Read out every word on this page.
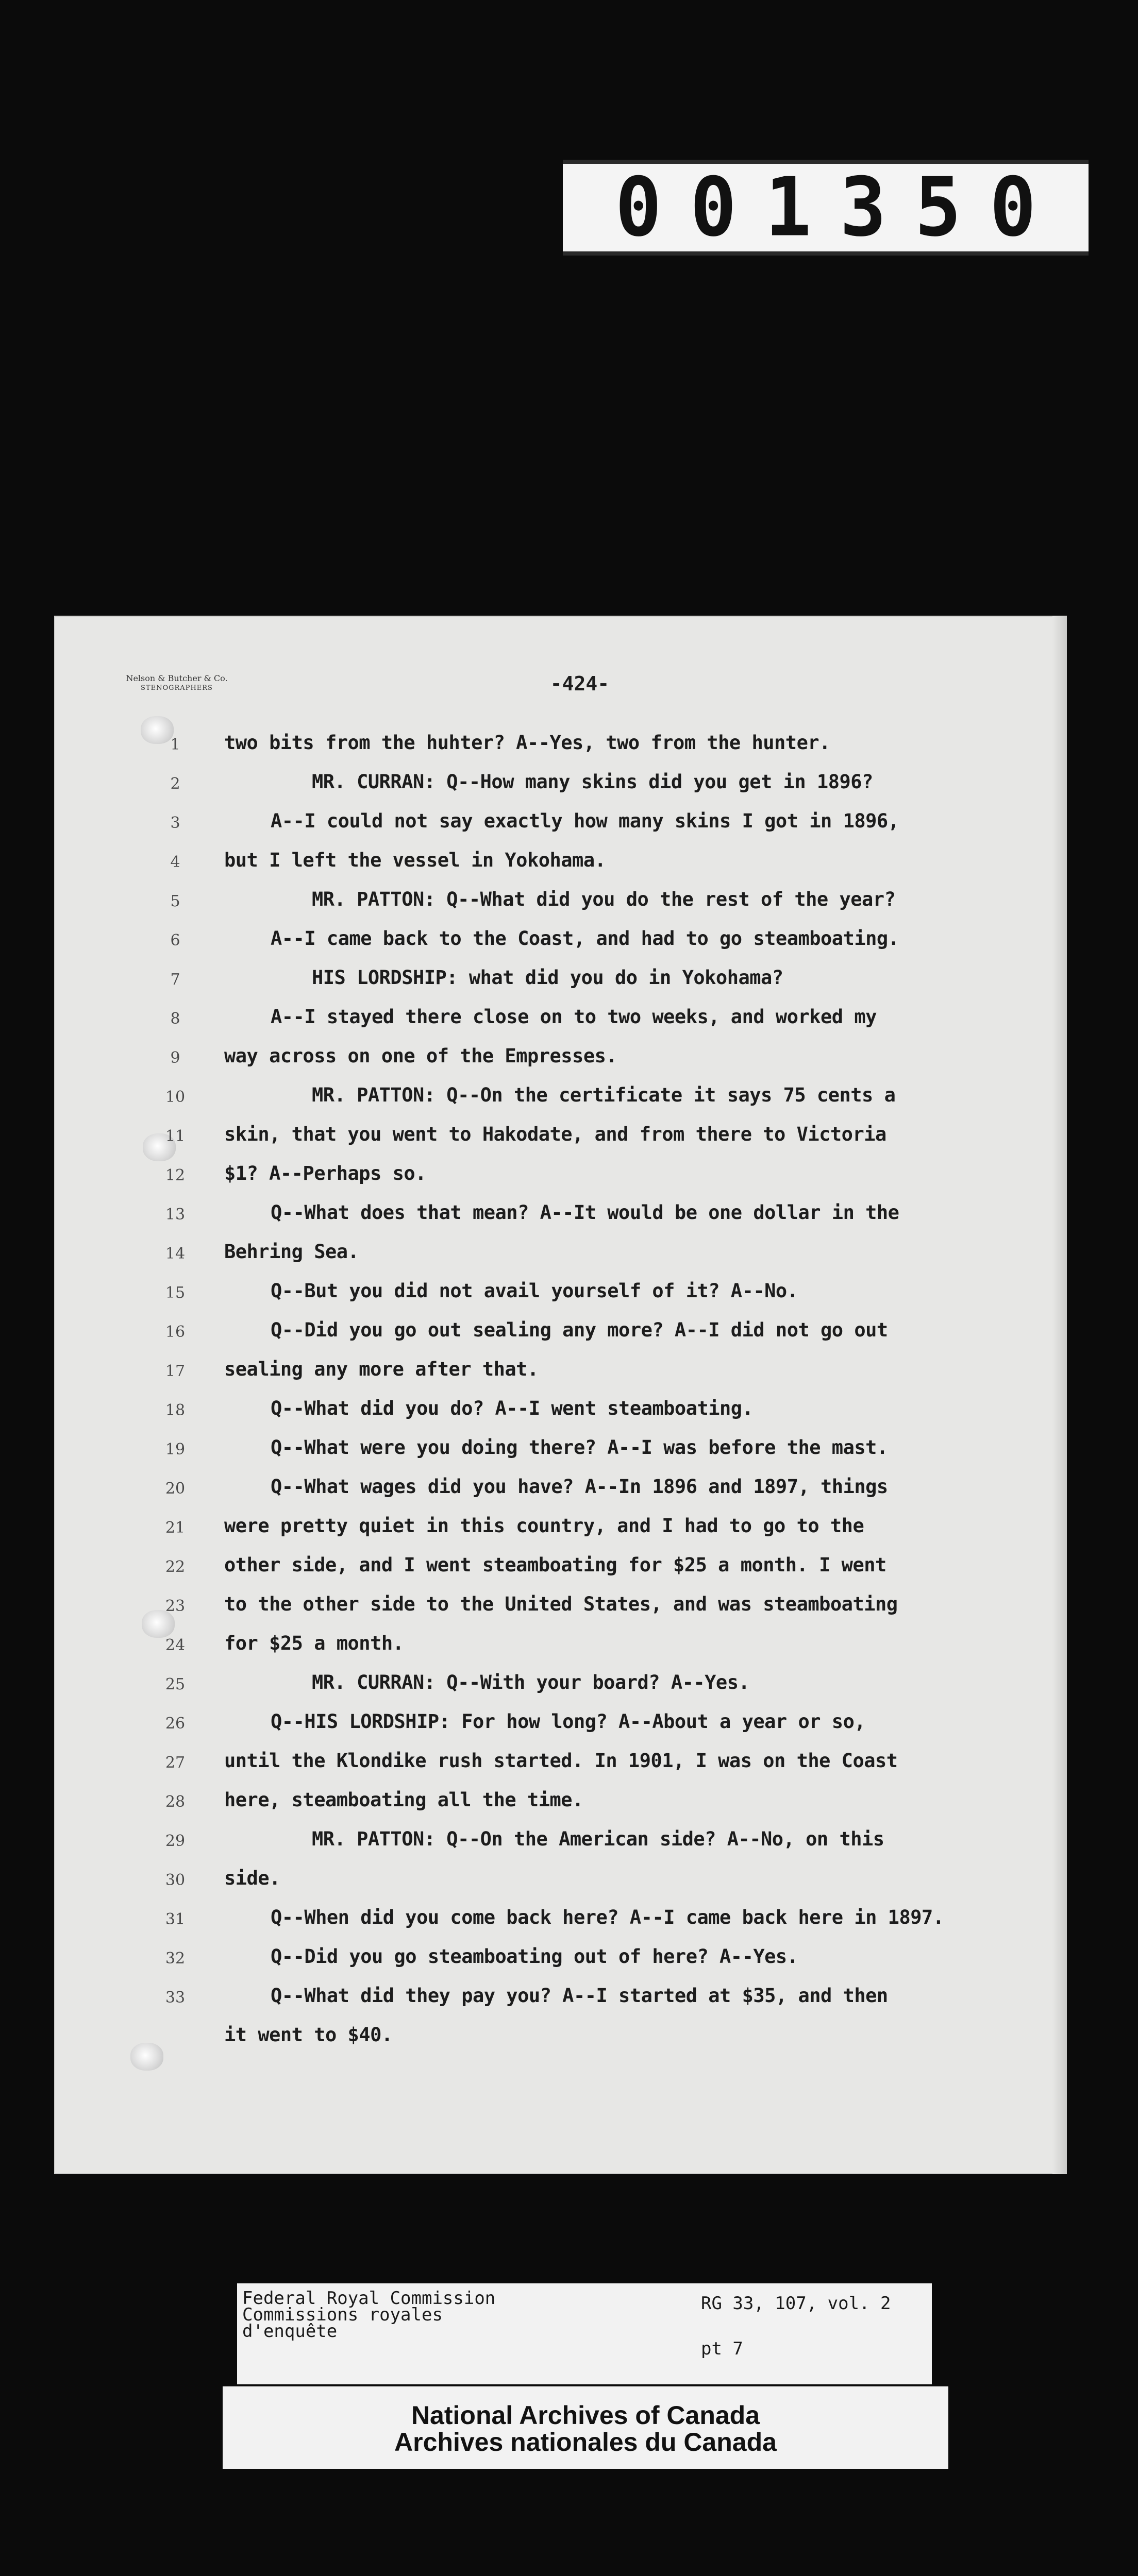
001350
Nelson & Butcher & Co.
STENOGRAPHERS	-424-
1	two bits from the huhter? A--Yes, two from the hunter.
2	MR. CURRAN: Q--How many skins did you get in 1896?
3	A--I could not say exactly how many skins I got in 1896,
4	but I left the vessel in Yokohama.
5	MR. PATTON: Q--What did you do the rest of the year?
6	A--I came back to the Coast, and had to go steamboating.
7	HIS LORDSHIP: what did you do in Yokohama?
8	A--I stayed there close on to two weeks, and worked my
9	way across on one of the Empresses.
10	MR. PATTON: Q--On the certificate it says 75 cents a
11	skin, that you went to Hakodate, and from there to Victoria
12	$1? A--Perhaps so.
13	Q--What does that mean? A--It would be one dollar in the
14	Behring Sea.
15	Q--But you did not avail yourself of it? A--No.
16	Q--Did you go out sealing any more? A--I did not go out
17	sealing any more after that.
18	Q--What did you do? A--I went steamboating.
19	Q--What were you doing there? A--I was before the mast.
20	Q--What wages did you have? A--In 1896 and 1897, things
21	were pretty quiet in this country, and I had to go to the
22	other side, and I went steamboating for $25 a month. I went
23	to the other side to the United States, and was steamboating
24	for $25 a month.
25	MR. CURRAN: Q--With your board? A--Yes.
26	Q--HIS LORDSHIP: For how long? A--About a year or so,
27	until the Klondike rush started. In 1901, I was on the Coast
28	here, steamboating all the time.
29	MR. PATTON: Q--On the American side? A--No, on this
30	side.
31	Q--When did you come back here? A--I came back here in 1897.
32	Q--Did you go steamboating out of here? A--Yes.
33	Q--What did they pay you? A--I started at $35, and then
it went to $40.
Federal Royal Commission
Commissions royales
d'enquête
RG 33, 107, vol. 2
pt 7
National Archives of Canada
Archives nationales du Canada
